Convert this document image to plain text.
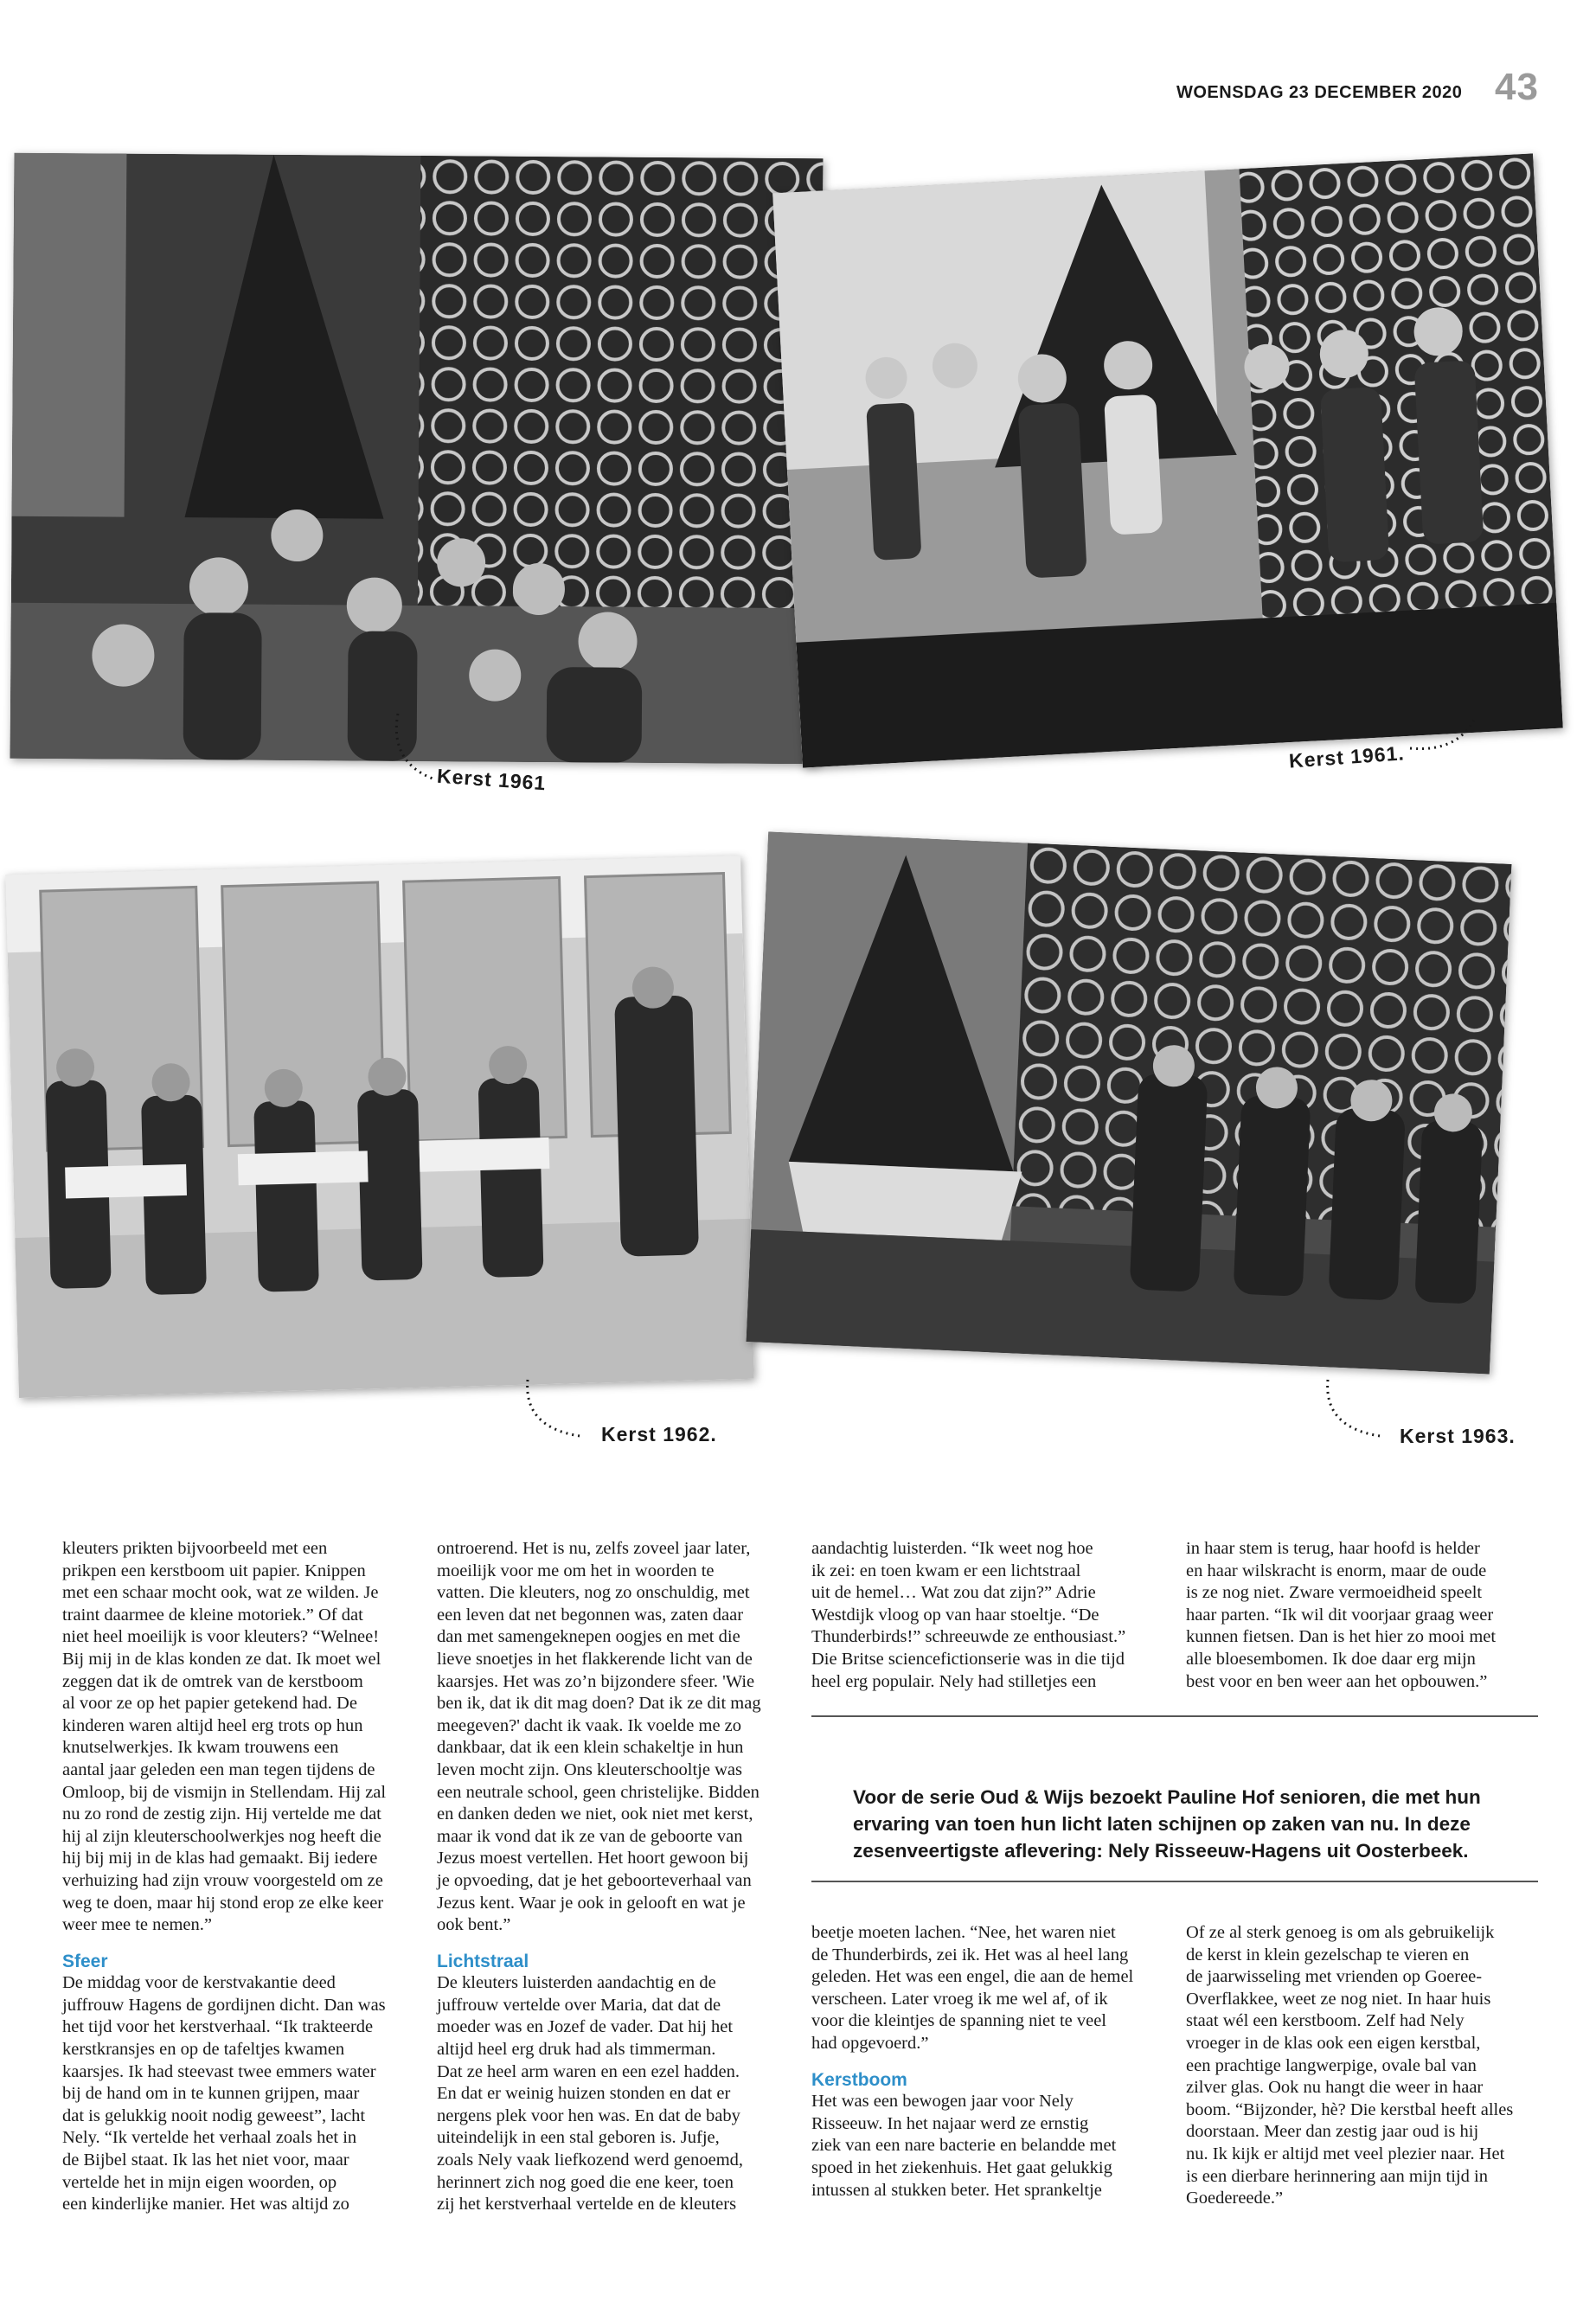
WOENSDAG 23 DECEMBER 2020 43
Kerst 1961
Kerst 1961.
Kerst 1962.	Kerst 1963.

kleuters prikten bijvoorbeeld met een
prikpen een kerstboom uit papier. Knippen
met een schaar mocht ook, wat ze wilden. Je
traint daarmee de kleine motoriek.” Of dat
niet heel moeilijk is voor kleuters? “Welnee!
Bij mij in de klas konden ze dat. Ik moet wel
zeggen dat ik de omtrek van de kerstboom
al voor ze op het papier getekend had. De
kinderen waren altijd heel erg trots op hun
knutselwerkjes. Ik kwam trouwens een
aantal jaar geleden een man tegen tijdens de
Omloop, bij de vismijn in Stellendam. Hij zal
nu zo rond de zestig zijn. Hij vertelde me dat
hij al zijn kleuterschoolwerkjes nog heeft die
hij bij mij in de klas had gemaakt. Bij iedere
verhuizing had zijn vrouw voorgesteld om ze
weg te doen, maar hij stond erop ze elke keer
weer mee te nemen.”

Sfeer

De middag voor de kerstvakantie deed
juffrouw Hagens de gordijnen dicht. Dan was
het tijd voor het kerstverhaal. “Ik trakteerde
kerstkransjes en op de tafeltjes kwamen
kaarsjes. Ik had steevast twee emmers water
bij de hand om in te kunnen grijpen, maar
dat is gelukkig nooit nodig geweest”, lacht
Nely. “Ik vertelde het verhaal zoals het in
de Bijbel staat. Ik las het niet voor, maar
vertelde het in mijn eigen woorden, op
een kinderlijke manier. Het was altijd zo

ontroerend. Het is nu, zelfs zoveel jaar later,
moeilijk voor me om het in woorden te
vatten. Die kleuters, nog zo onschuldig, met
een leven dat net begonnen was, zaten daar
dan met samengeknepen oogjes en met die
lieve snoetjes in het flakkerende licht van de
kaarsjes. Het was zo’n bijzondere sfeer. 'Wie
ben ik, dat ik dit mag doen? Dat ik ze dit mag
meegeven?' dacht ik vaak. Ik voelde me zo
dankbaar, dat ik een klein schakeltje in hun
leven mocht zijn. Ons kleuterschooltje was
een neutrale school, geen christelijke. Bidden
en danken deden we niet, ook niet met kerst,
maar ik vond dat ik ze van de geboorte van
Jezus moest vertellen. Het hoort gewoon bij
je opvoeding, dat je het geboorteverhaal van
Jezus kent. Waar je ook in gelooft en wat je
ook bent.”

Lichtstraal

De kleuters luisterden aandachtig en de
juffrouw vertelde over Maria, dat dat de
moeder was en Jozef de vader. Dat hij het
altijd heel erg druk had als timmerman.
Dat ze heel arm waren en een ezel hadden.
En dat er weinig huizen stonden en dat er
nergens plek voor hen was. En dat de baby
uiteindelijk in een stal geboren is. Jufje,
zoals Nely vaak liefkozend werd genoemd,
herinnert zich nog goed die ene keer, toen
zij het kerstverhaal vertelde en de kleuters

aandachtig luisterden. “Ik weet nog hoe
ik zei: en toen kwam er een lichtstraal
uit de hemel… Wat zou dat zijn?” Adrie
Westdijk vloog op van haar stoeltje. “De
Thunderbirds!” schreeuwde ze enthousiast.”
Die Britse sciencefictionserie was in die tijd
heel erg populair. Nely had stilletjes een

in haar stem is terug, haar hoofd is helder
en haar wilskracht is enorm, maar de oude
is ze nog niet. Zware vermoeidheid speelt
haar parten. “Ik wil dit voorjaar graag weer
kunnen fietsen. Dan is het hier zo mooi met
alle bloesembomen. Ik doe daar erg mijn
best voor en ben weer aan het opbouwen.”

Voor de serie Oud & Wijs bezoekt Pauline Hof senioren, die met hun
ervaring van toen hun licht laten schijnen op zaken van nu. In deze
zesenveertigste aflevering: Nely Risseeuw-Hagens uit Oosterbeek.

beetje moeten lachen. “Nee, het waren niet
de Thunderbirds, zei ik. Het was al heel lang
geleden. Het was een engel, die aan de hemel
verscheen. Later vroeg ik me wel af, of ik
voor die kleintjes de spanning niet te veel
had opgevoerd.”

Kerstboom

Het was een bewogen jaar voor Nely
Risseeuw. In het najaar werd ze ernstig
ziek van een nare bacterie en belandde met
spoed in het ziekenhuis. Het gaat gelukkig
intussen al stukken beter. Het sprankeltje

Of ze al sterk genoeg is om als gebruikelijk
de kerst in klein gezelschap te vieren en
de jaarwisseling met vrienden op Goeree-
Overflakkee, weet ze nog niet. In haar huis
staat wél een kerstboom. Zelf had Nely
vroeger in de klas ook een eigen kerstbal,
een prachtige langwerpige, ovale bal van
zilver glas. Ook nu hangt die weer in haar
boom. “Bijzonder, hè? Die kerstbal heeft alles
doorstaan. Meer dan zestig jaar oud is hij
nu. Ik kijk er altijd met veel plezier naar. Het
is een dierbare herinnering aan mijn tijd in
Goedereede.”
